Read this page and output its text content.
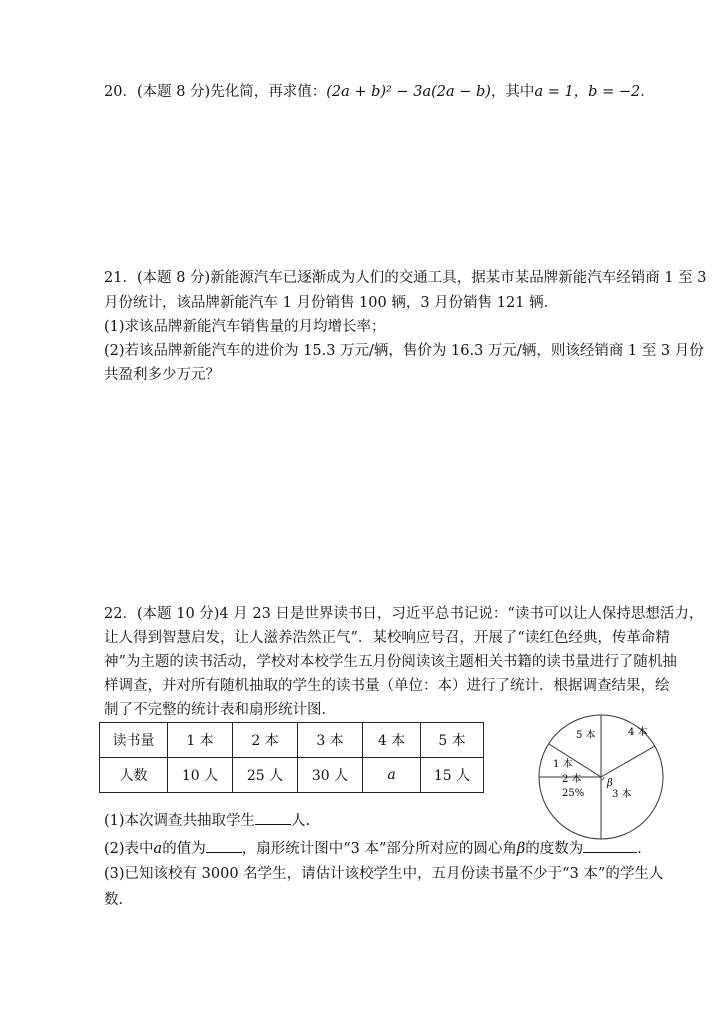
20．(本题 8 分)先化简，再求值：(2a + b)² − 3a(2a − b)，其中a = 1，b = −2．
21．(本题 8 分)新能源汽车已逐渐成为人们的交通工具，据某市某品牌新能汽车经销商 1 至 3
月份统计，该品牌新能汽车 1 月份销售 100 辆，3 月份销售 121 辆．
(1)求该品牌新能汽车销售量的月均增长率；
(2)若该品牌新能汽车的进价为 15.3 万元/辆，售价为 16.3 万元/辆，则该经销商 1 至 3 月份
共盈利多少万元？
22．(本题 10 分)4 月 23 日是世界读书日，习近平总书记说：“读书可以让人保持思想活力，
让人得到智慧启发，让人滋养浩然正气”．某校响应号召，开展了“读红色经典，传革命精
神”为主题的读书活动，学校对本校学生五月份阅读该主题相关书籍的读书量进行了随机抽
样调查，并对所有随机抽取的学生的读书量（单位：本）进行了统计．根据调查结果，绘
制了不完整的统计表和扇形统计图．
读书量	1 本	2 本	3 本	4 本	5 本
人数	10 人	25 人	30 人	a	15 人
5 本	4 本
1 本
2 本
25%
β
3 本
(1)本次调查共抽取学生 人.
(2)表中a的值为 ，扇形统计图中“3 本”部分所对应的圆心角β的度数为	．
(3)已知该校有 3000 名学生，请估计该校学生中，五月份读书量不少于“3 本”的学生人
数．
